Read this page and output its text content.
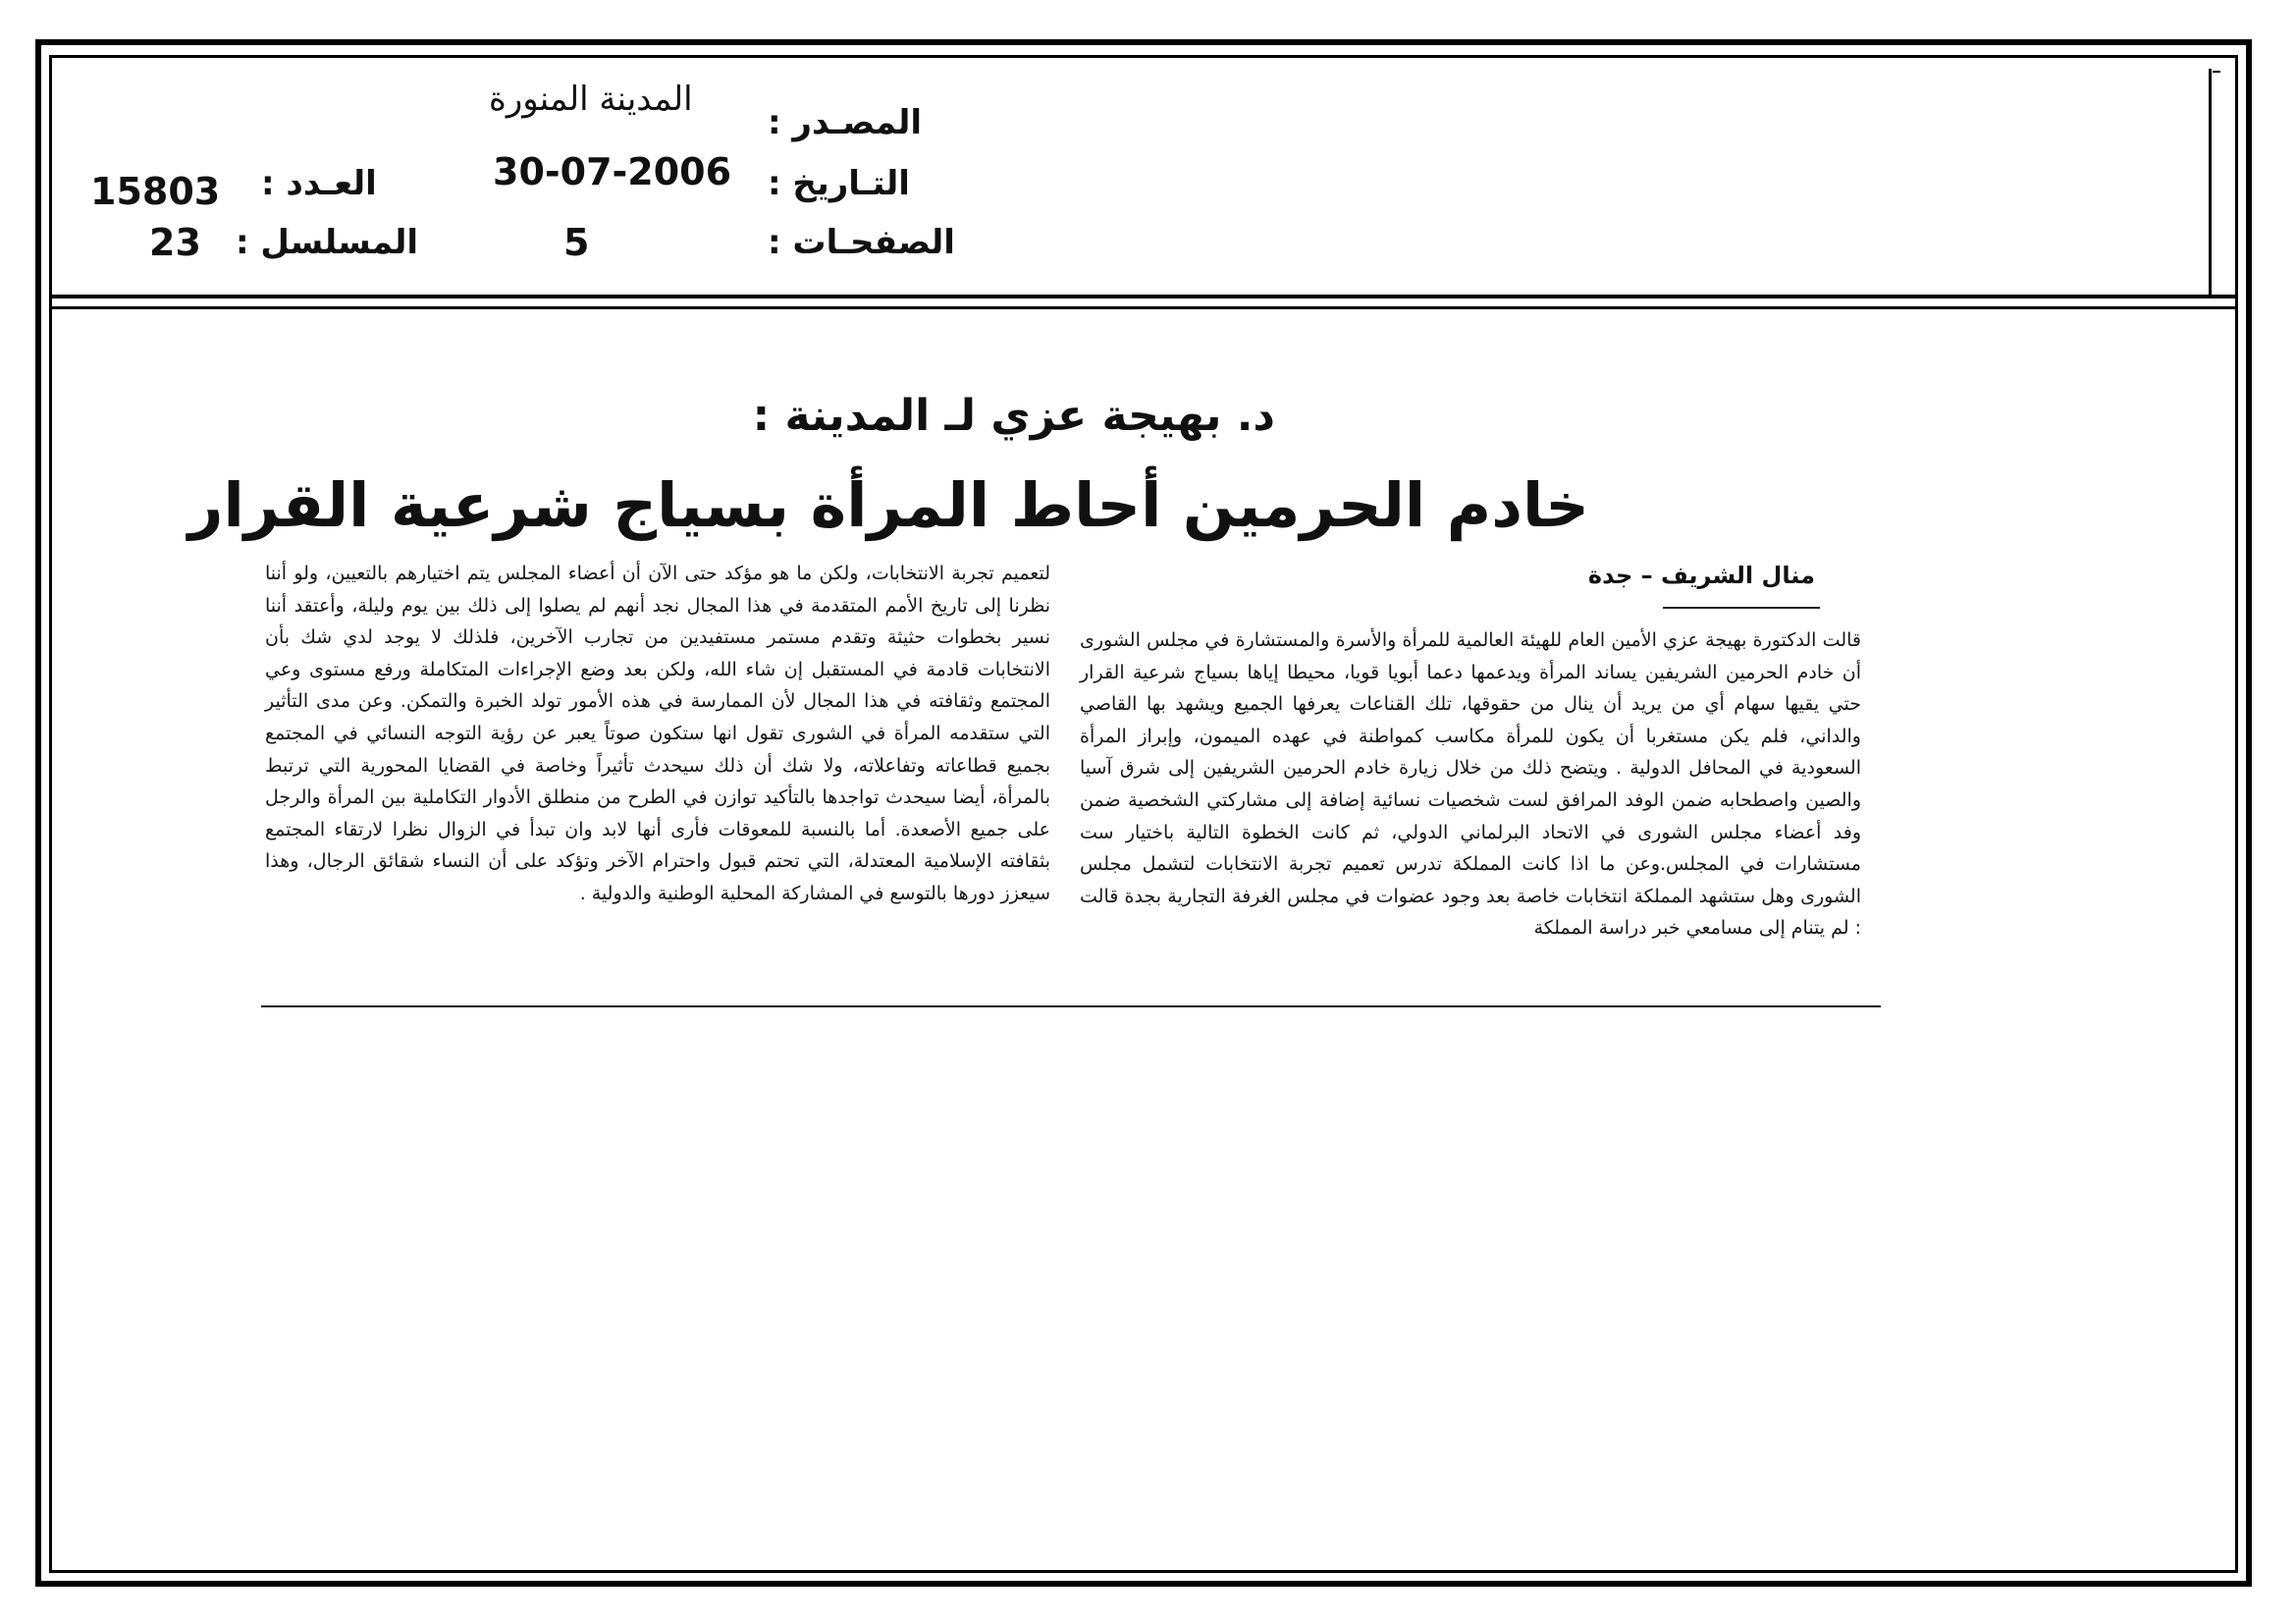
المصـدر :
المدينة المنورة
التـاريخ :
30-07-2006
الصفحـات :
5
العـدد :
15803
المسلسل :
23
د. بهيجة عزي لـ المدينة :
خادم الحرمين أحاط المرأة بسياج شرعية القرار
منال الشريف – جدة
قالت الدكتورة بهيجة عزي الأمين العام للهيئة العالمية للمرأة والأسرة والمستشارة في مجلس الشورى أن خادم الحرمين الشريفين يساند المرأة ويدعمها دعما أبويا قويا، محيطا إياها بسياج شرعية القرار حتي يقيها سهام أي من يريد أن ينال من حقوقها، تلك القناعات يعرفها الجميع ويشهد بها القاصي والداني، فلم يكن مستغربا أن يكون للمرأة مكاسب كمواطنة في عهده الميمون، وإبراز المرأة السعودية في المحافل الدولية . ويتضح ذلك من خلال زيارة خادم الحرمين الشريفين إلى شرق آسيا والصين واصطحابه ضمن الوفد المرافق لست شخصيات نسائية إضافة إلى مشاركتي الشخصية ضمن وفد أعضاء مجلس الشورى في الاتحاد البرلماني الدولي، ثم كانت الخطوة التالية باختيار ست مستشارات في المجلس.وعن ما اذا كانت المملكة تدرس تعميم تجربة الانتخابات لتشمل مجلس الشورى وهل ستشهد المملكة انتخابات خاصة بعد وجود عضوات في مجلس الغرفة التجارية بجدة قالت : لم يتنام إلى مسامعي خبر دراسة المملكة
لتعميم تجربة الانتخابات، ولكن ما هو مؤكد حتى الآن أن أعضاء المجلس يتم اختيارهم بالتعيين، ولو أننا نظرنا إلى تاريخ الأمم المتقدمة في هذا المجال نجد أنهم لم يصلوا إلى ذلك بين يوم وليلة، وأعتقد أننا نسير بخطوات حثيثة وتقدم مستمر مستفيدين من تجارب الآخرين، فلذلك لا يوجد لدي شك بأن الانتخابات قادمة في المستقبل إن شاء الله، ولكن بعد وضع الإجراءات المتكاملة ورفع مستوى وعي المجتمع وثقافته في هذا المجال لأن الممارسة في هذه الأمور تولد الخبرة والتمكن. وعن مدى التأثير التي ستقدمه المرأة في الشورى تقول انها ستكون صوتاً يعبر عن رؤية التوجه النسائي في المجتمع بجميع قطاعاته وتفاعلاته، ولا شك أن ذلك سيحدث تأثيراً وخاصة في القضايا المحورية التي ترتبط بالمرأة، أيضا سيحدث تواجدها بالتأكيد توازن في الطرح من منطلق الأدوار التكاملية بين المرأة والرجل على جميع الأصعدة. أما بالنسبة للمعوقات فأرى أنها لابد وان تبدأ في الزوال نظرا لارتقاء المجتمع بثقافته الإسلامية المعتدلة، التي تحتم قبول واحترام الآخر وتؤكد على أن النساء شقائق الرجال، وهذا سيعزز دورها بالتوسع في المشاركة المحلية الوطنية والدولية .
